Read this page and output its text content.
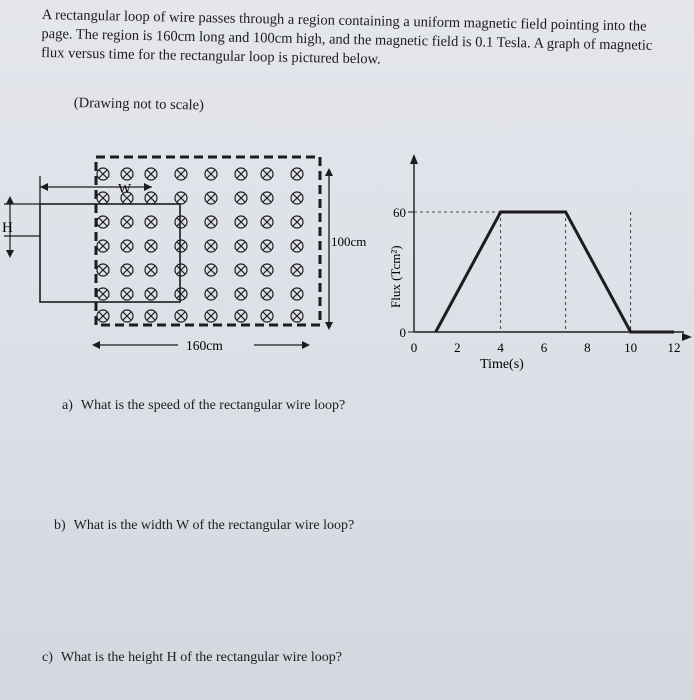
A rectangular loop of wire passes through a region containing a uniform magnetic field pointing into the page. The region is 160cm long and 100cm high, and the magnetic field is 0.1 Tesla. A graph of magnetic flux versus time for the rectangular loop is pictured below.
(Drawing not to scale)
W
H
100cm
160cm	0	2	4	6	8	10 12
0
60
Time(s)
Flux (Tcm²)
a) What is the speed of the rectangular wire loop?
b) What is the width W of the rectangular wire loop?
c) What is the height H of the rectangular wire loop?
